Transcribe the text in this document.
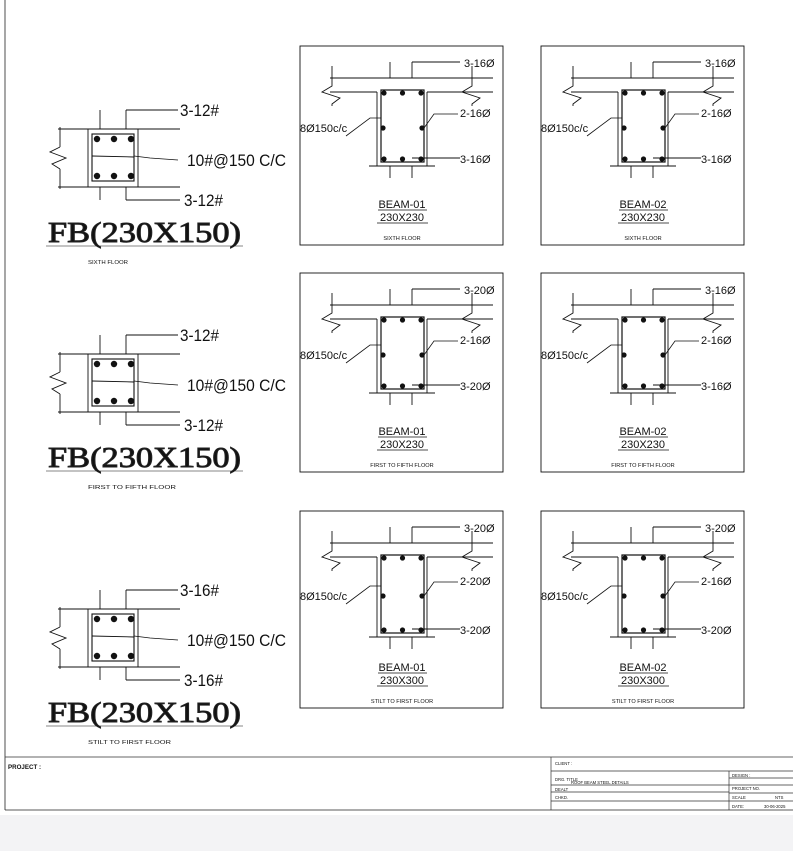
3-12#
10#@150 C/C
3-12#
FB(230X150)
SIXTH FLOOR
3-12#
10#@150 C/C
3-12#
FB(230X150)
FIRST TO FIFTH FLOOR
3-16#
10#@150 C/C
3-16#
FB(230X150)
STILT TO FIRST FLOOR
3-16Ø
2-16Ø
3-16Ø
8Ø150c/c
BEAM-01
230X230
SIXTH FLOOR
3-16Ø
2-16Ø
3-16Ø
8Ø150c/c
BEAM-02
230X230
SIXTH FLOOR
3-20Ø
2-16Ø
3-20Ø
8Ø150c/c
BEAM-01
230X230
FIRST TO FIFTH FLOOR
3-16Ø
2-16Ø
3-16Ø
8Ø150c/c
BEAM-02
230X230
FIRST TO FIFTH FLOOR
3-20Ø
2-20Ø
3-20Ø
8Ø150c/c
BEAM-01
230X300
STILT TO FIRST FLOOR
3-20Ø
2-16Ø
3-20Ø
8Ø150c/c
BEAM-02
230X300
STILT TO FIRST FLOOR
PROJECT :
CLIENT :
DRG. TITLE
ROOF BEAM STEEL DETAILS
DEALT
CHKD.
DESIGN :
PROJECT NO.
SCALE	NTS
DATE:	30-06-2025
